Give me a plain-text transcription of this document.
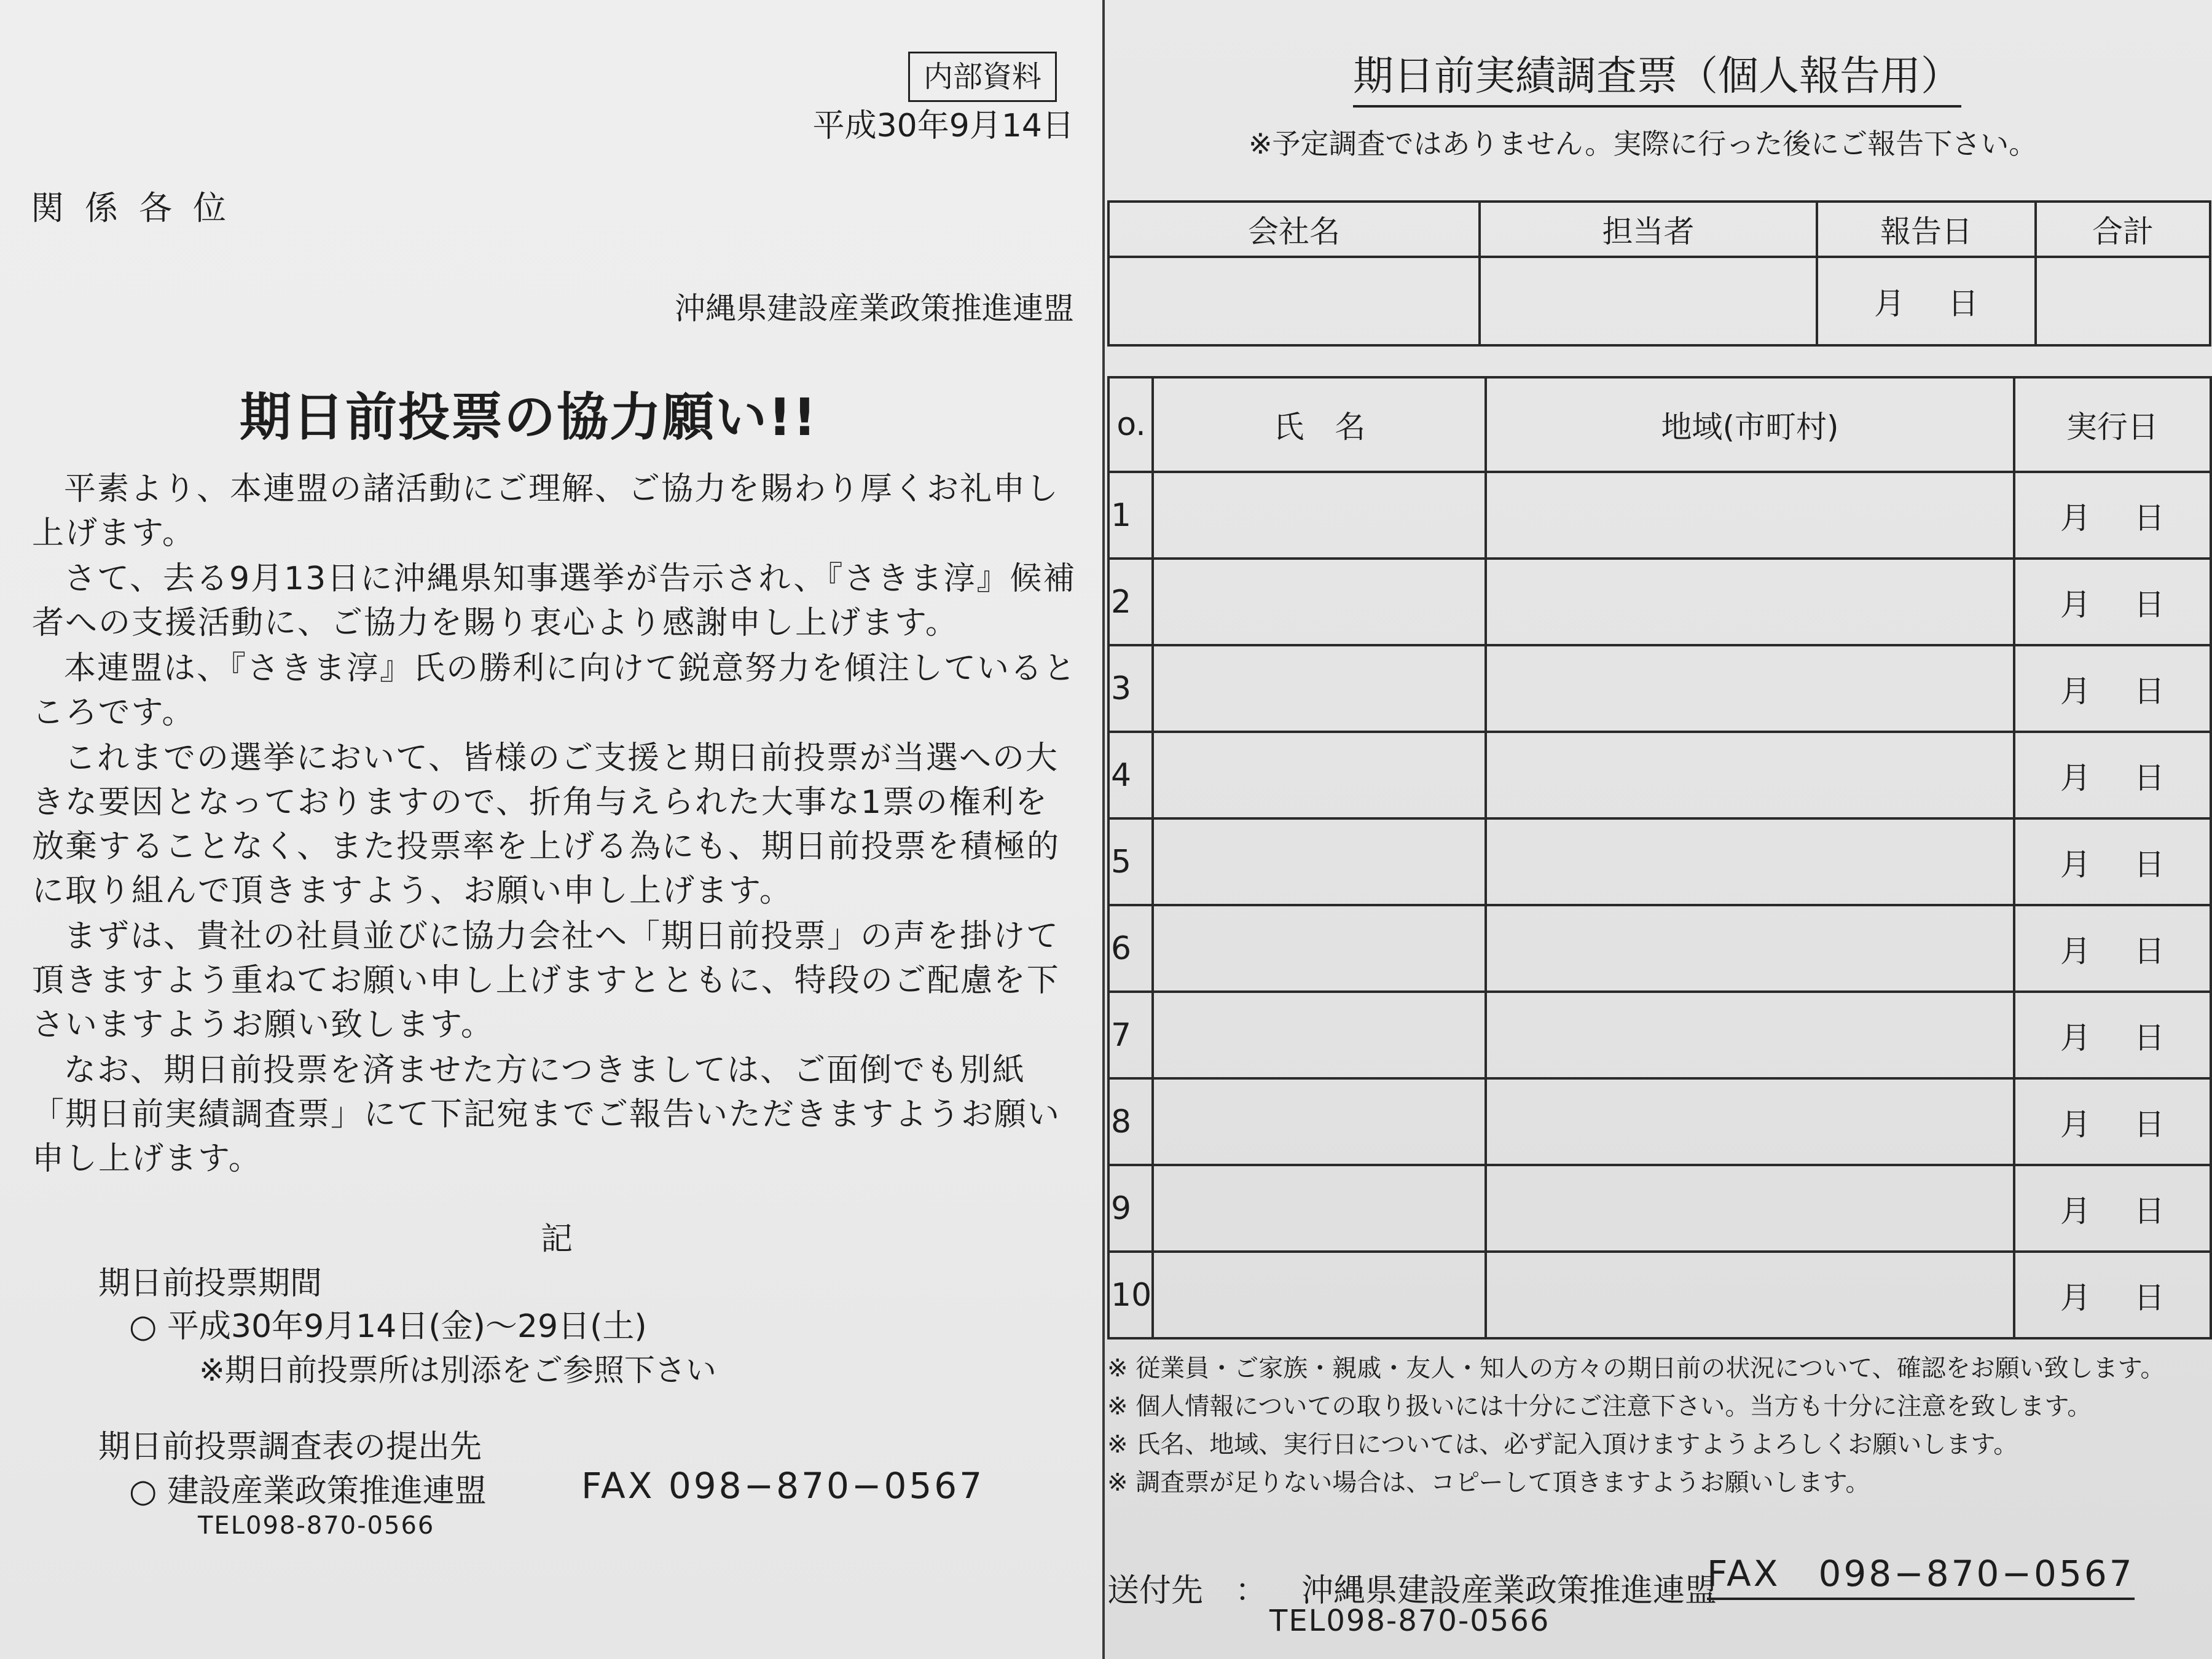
内部資料
平成30年9月14日
関係各位
沖縄県建設産業政策推進連盟
期日前投票の協力願い!!

平素より、本連盟の諸活動にご理解、ご協力を賜わり厚くお礼申し上げます。

さて、去る9月13日に沖縄県知事選挙が告示され、『さきま淳』候補者への支援活動に、ご協力を賜り衷心より感謝申し上げます。

本連盟は、『さきま淳』氏の勝利に向けて鋭意努力を傾注しているところです。

これまでの選挙において、皆様のご支援と期日前投票が当選への大きな要因となっておりますので、折角与えられた大事な1票の権利を放棄することなく、また投票率を上げる為にも、期日前投票を積極的に取り組んで頂きますよう、お願い申し上げます。

まずは、貴社の社員並びに協力会社へ「期日前投票」の声を掛けて頂きますよう重ねてお願い申し上げますとともに、特段のご配慮を下さいますようお願い致します。

なお、期日前投票を済ませた方につきましては、ご面倒でも別紙「期日前実績調査票」にて下記宛までご報告いただきますようお願い申し上げます。

記
期日前投票期間
○ 平成30年9月14日(金)～29日(土)
※期日前投票所は別添をご参照下さい
期日前投票調査表の提出先
○ 建設産業政策推進連盟	FAX 098−870−0567
TEL098-870-0566
期日前実績調査票（個人報告用）
※予定調査ではありません。実際に行った後にご報告下さい。
会社名	担当者	報告日	合計
		月 日	
o.	氏　名	地域(市町村)	実行日
1			月 日
2			月 日
3			月 日
4			月 日
5			月 日
6			月 日
7			月 日
8			月 日
9			月 日
10			月 日
※ 従業員・ご家族・親戚・友人・知人の方々の期日前の状況について、確認をお願い致します。
※ 個人情報についての取り扱いには十分にご注意下さい。当方も十分に注意を致します。
※ 氏名、地域、実行日については、必ず記入頂けますようよろしくお願いします。
※ 調査票が足りない場合は、コピーして頂きますようお願いします。
送付先　： 沖縄県建設産業政策推進連盟
FAX　098−870−0567
TEL098-870-0566
